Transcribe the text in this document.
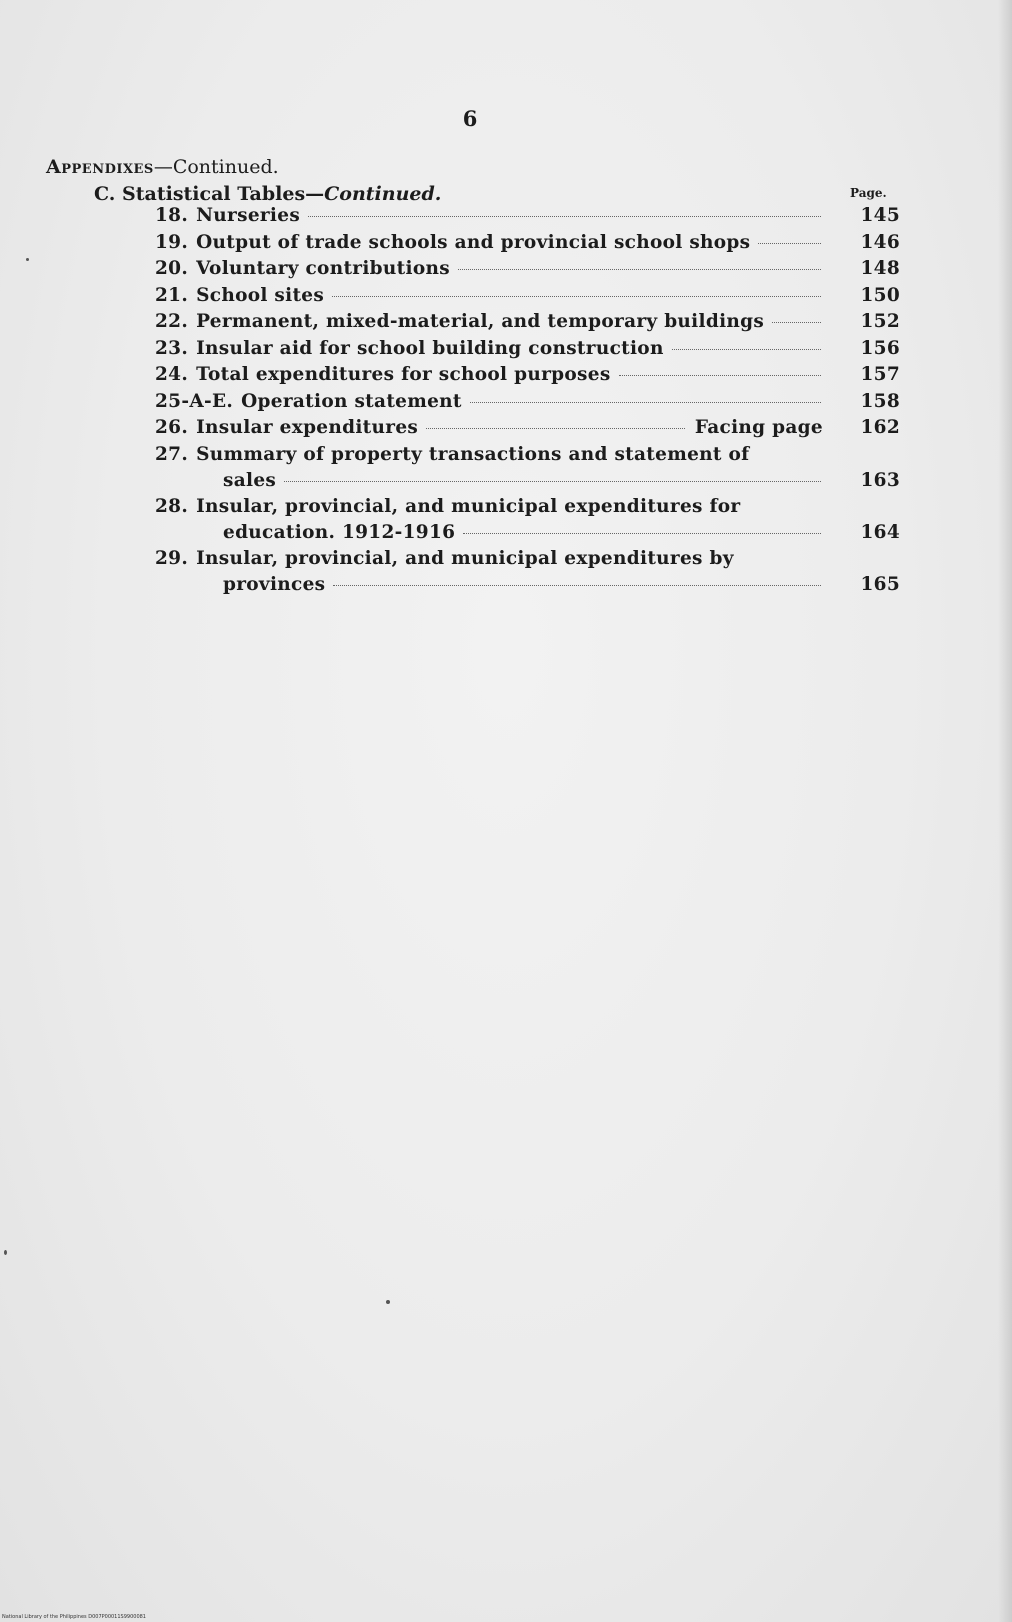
6
Appendixes—Continued.
C. Statistical Tables—Continued.	Page.
18. Nurseries	145
19. Output of trade schools and provincial school shops	146
20. Voluntary contributions	148
21. School sites	150
22. Permanent, mixed-material, and temporary buildings	152
23. Insular aid for school building construction	156
24. Total expenditures for school purposes	157
25-A-E. Operation statement	158
26. Insular expenditures	Facing page	162
27. Summary of property transactions and statement of
sales	163
28. Insular, provincial, and municipal expenditures for
education. 1912-1916	164
29. Insular, provincial, and municipal expenditures by
provinces	165
National Library of the Philippines D007P00011S9900081
